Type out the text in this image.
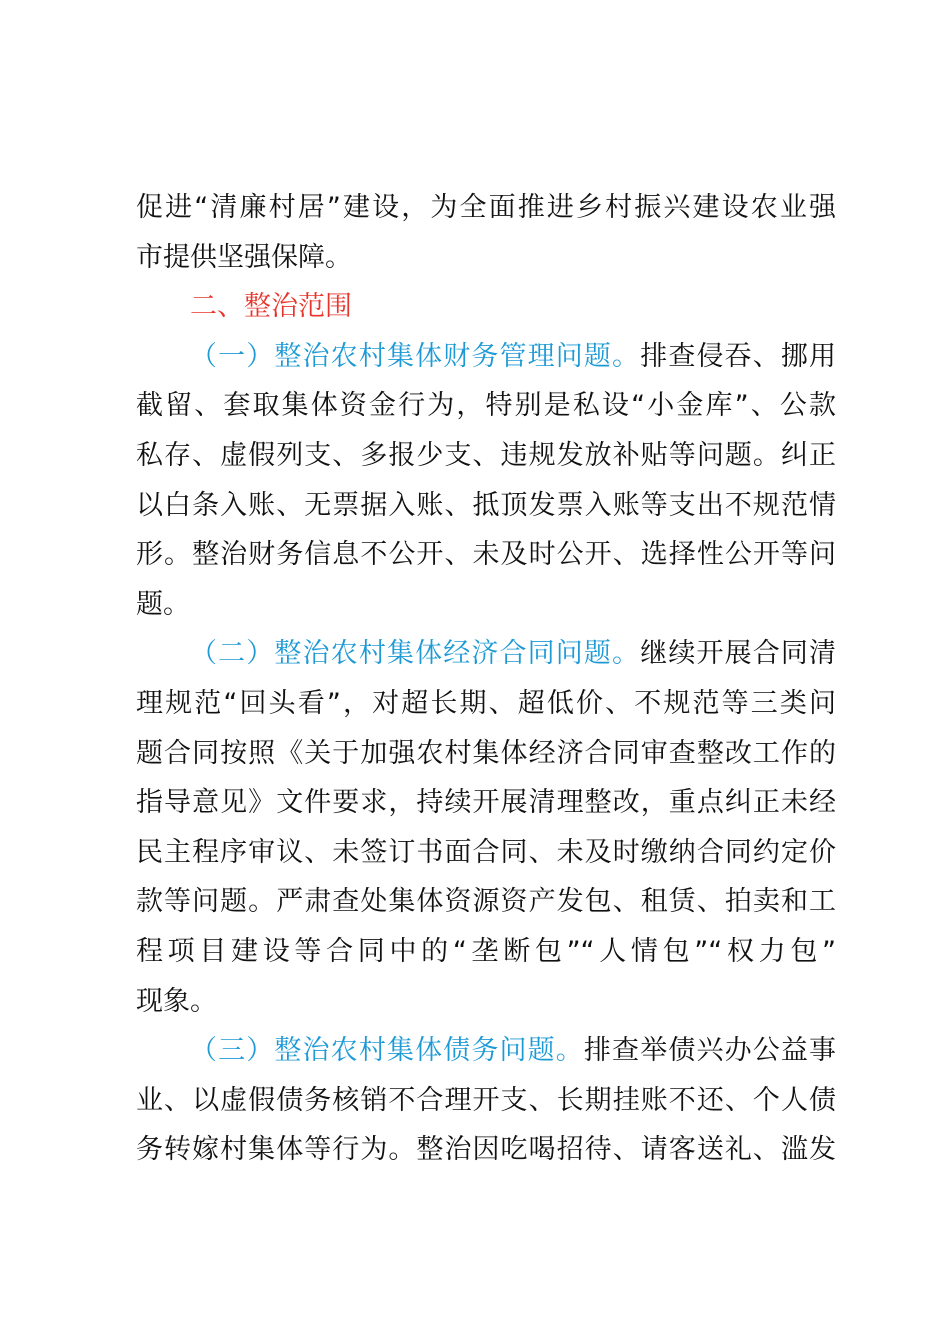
促进“清廉村居”建设，为全面推进乡村振兴建设农业强
市提供坚强保障。
二、整治范围
（一）整治农村集体财务管理问题。排查侵吞、挪用
截留、套取集体资金行为，特别是私设“小金库”、公款
私存、虚假列支、多报少支、违规发放补贴等问题。纠正
以白条入账、无票据入账、抵顶发票入账等支出不规范情
形。整治财务信息不公开、未及时公开、选择性公开等问
题。
（二）整治农村集体经济合同问题。继续开展合同清
理规范“回头看”，对超长期、超低价、不规范等三类问
题合同按照《关于加强农村集体经济合同审查整改工作的
指导意见》文件要求，持续开展清理整改，重点纠正未经
民主程序审议、未签订书面合同、未及时缴纳合同约定价
款等问题。严肃查处集体资源资产发包、租赁、拍卖和工
程项目建设等合同中的“垄断包”“人情包”“权力包”
现象。
（三）整治农村集体债务问题。排查举债兴办公益事
业、以虚假债务核销不合理开支、长期挂账不还、个人债
务转嫁村集体等行为。整治因吃喝招待、请客送礼、滥发
